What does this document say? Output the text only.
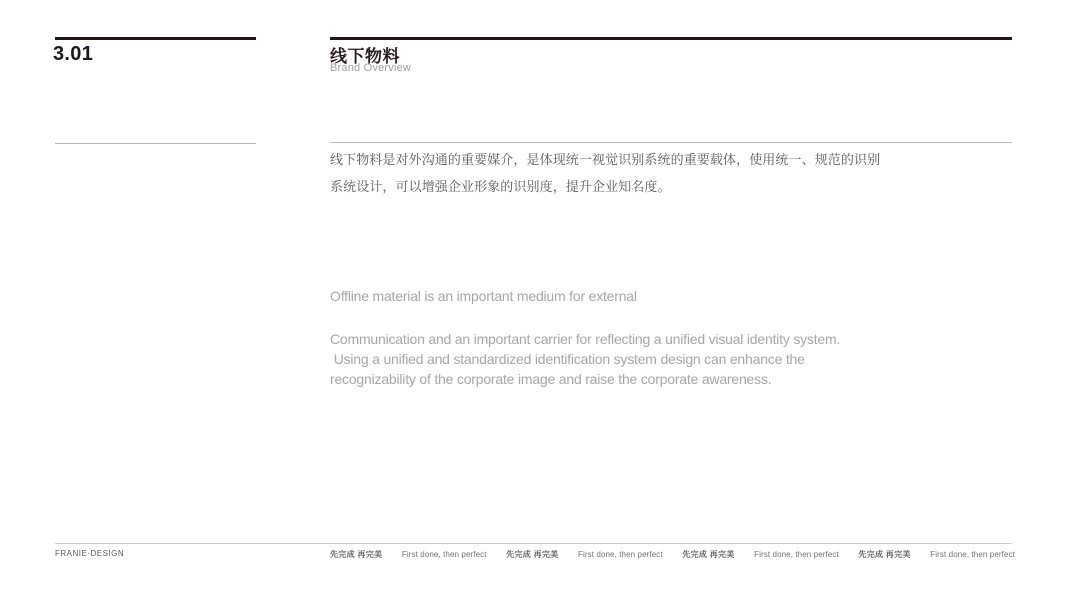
3.01	线下物料
Brand Overview
线下物料是对外沟通的重要媒介，是体现统一视觉识别系统的重要载体，使用统一、规范的识别
系统设计，可以增强企业形象的识别度，提升企业知名度。
Offline material is an important medium for external
Communication and an important carrier for reflecting a unified visual identity system.
Using a unified and standardized identification system design can enhance the
recognizability of the corporate image and raise the corporate awareness.
FRANIE·DESIGN	先完成 再完美 First done, then perfect 先完成 再完美 First done, then perfect 先完成 再完美 First done, then perfect 先完成 再完美 First done, then perfect
